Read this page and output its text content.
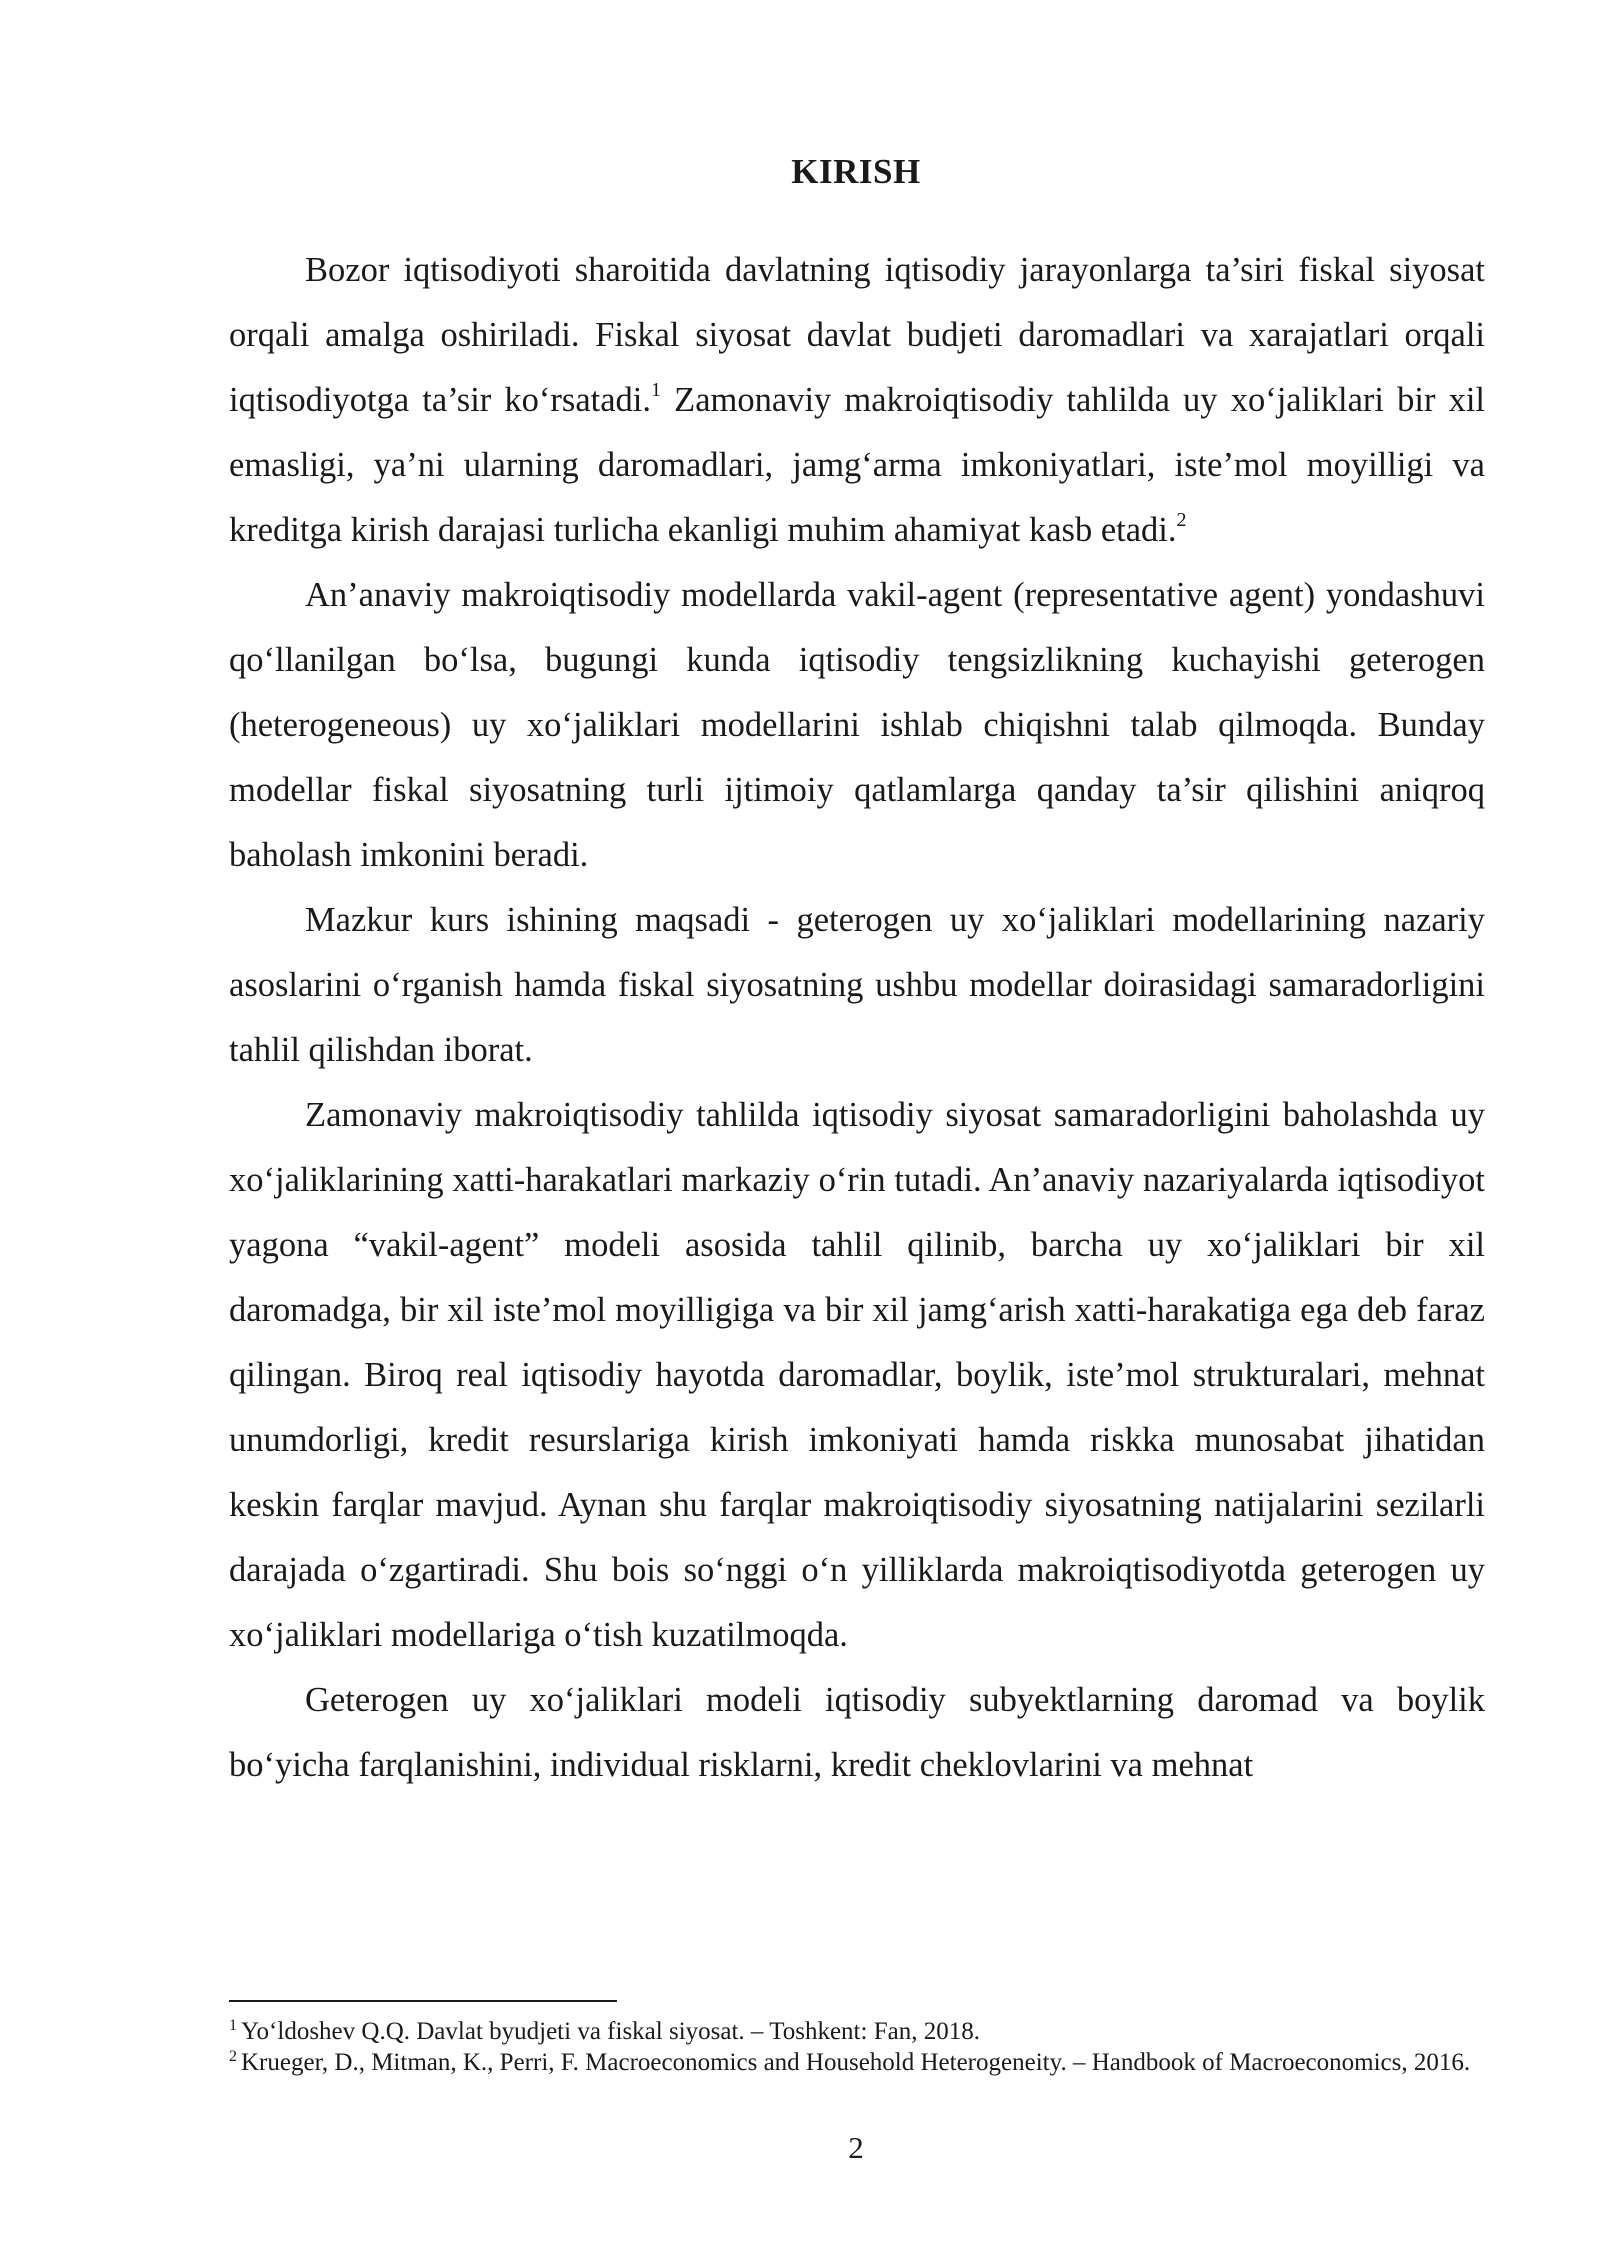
KIRISH

Bozor iqtisodiyoti sharoitida davlatning iqtisodiy jarayonlarga ta’siri fiskal siyosat orqali amalga oshiriladi. Fiskal siyosat davlat budjeti daromadlari va xarajatlari orqali iqtisodiyotga ta’sir ko‘rsatadi.$^1$ Zamonaviy makroiqtisodiy tahlilda uy xo‘jaliklari bir xil emasligi, ya’ni ularning daromadlari, jamg‘arma imkoniyatlari, iste’mol moyilligi va kreditga kirish darajasi turlicha ekanligi muhim ahamiyat kasb etadi.$^2$

An’anaviy makroiqtisodiy modellarda vakil-agent (representative agent) yondashuvi qo‘llanilgan bo‘lsa, bugungi kunda iqtisodiy tengsizlikning kuchayishi geterogen (heterogeneous) uy xo‘jaliklari modellarini ishlab chiqishni talab qilmoqda. Bunday modellar fiskal siyosatning turli ijtimoiy qatlamlarga qanday ta’sir qilishini aniqroq baholash imkonini beradi.

Mazkur kurs ishining maqsadi - geterogen uy xo‘jaliklari modellarining nazariy asoslarini o‘rganish hamda fiskal siyosatning ushbu modellar doirasidagi samaradorligini tahlil qilishdan iborat.

Zamonaviy makroiqtisodiy tahlilda iqtisodiy siyosat samaradorligini baholashda uy xo‘jaliklarining xatti-harakatlari markaziy o‘rin tutadi. An’anaviy nazariyalarda iqtisodiyot yagona “vakil-agent” modeli asosida tahlil qilinib, barcha uy xo‘jaliklari bir xil daromadga, bir xil iste’mol moyilligiga va bir xil jamg‘arish xatti-harakatiga ega deb faraz qilingan. Biroq real iqtisodiy hayotda daromadlar, boylik, iste’mol strukturalari, mehnat unumdorligi, kredit resurslariga kirish imkoniyati hamda riskka munosabat jihatidan keskin farqlar mavjud. Aynan shu farqlar makroiqtisodiy siyosatning natijalarini sezilarli darajada o‘zgartiradi. Shu bois so‘nggi o‘n yilliklarda makroiqtisodiyotda geterogen uy xo‘jaliklari modellariga o‘tish kuzatilmoqda.

Geterogen uy xo‘jaliklari modeli iqtisodiy subyektlarning daromad va boylik bo‘yicha farqlanishini, individual risklarni, kredit cheklovlarini va mehnat

$^1$ Yo‘ldoshev Q.Q. Davlat byudjeti va fiskal siyosat. – Toshkent: Fan, 2018.

$^2$ Krueger, D., Mitman, K., Perri, F. Macroeconomics and Household Heterogeneity. – Handbook of Macroeconomics, 2016.

2
